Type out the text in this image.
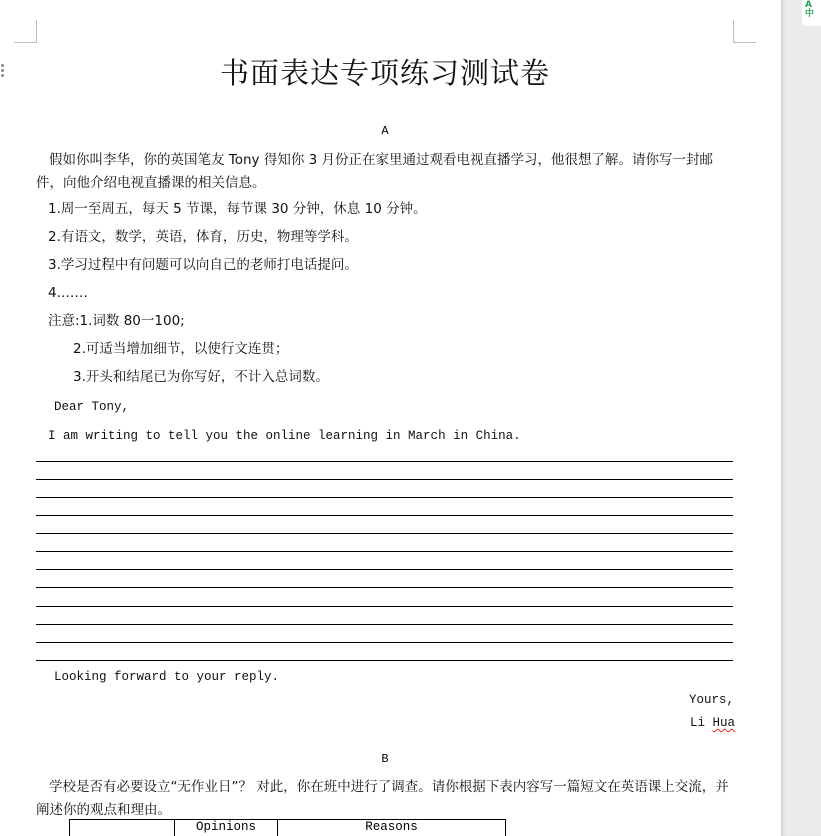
书面表达专项练习测试卷
A
假如你叫李华，你的英国笔友 Tony 得知你 3 月份正在家里通过观看电视直播学习，他很想了解。请你写一封邮件，向他介绍电视直播课的相关信息。
1.周一至周五，每天 5 节课，每节课 30 分钟，休息 10 分钟。
2.有语文，数学，英语，体育，历史，物理等学科。
3.学习过程中有问题可以向自己的老师打电话提问。
4.……
注意:1.词数 80一100;
2.可适当增加细节，以使行文连贯；
3.开头和结尾已为你写好，不计入总词数。
Dear Tony,
I am writing to tell you the online learning in March in China.
Looking forward to your reply.
Yours,
Li Hua
B
学校是否有必要设立“无作业日”？ 对此，你在班中进行了调查。请你根据下表内容写一篇短文在英语课上交流，并阐述你的观点和理由。
	Opinions	Reasons
A
中
